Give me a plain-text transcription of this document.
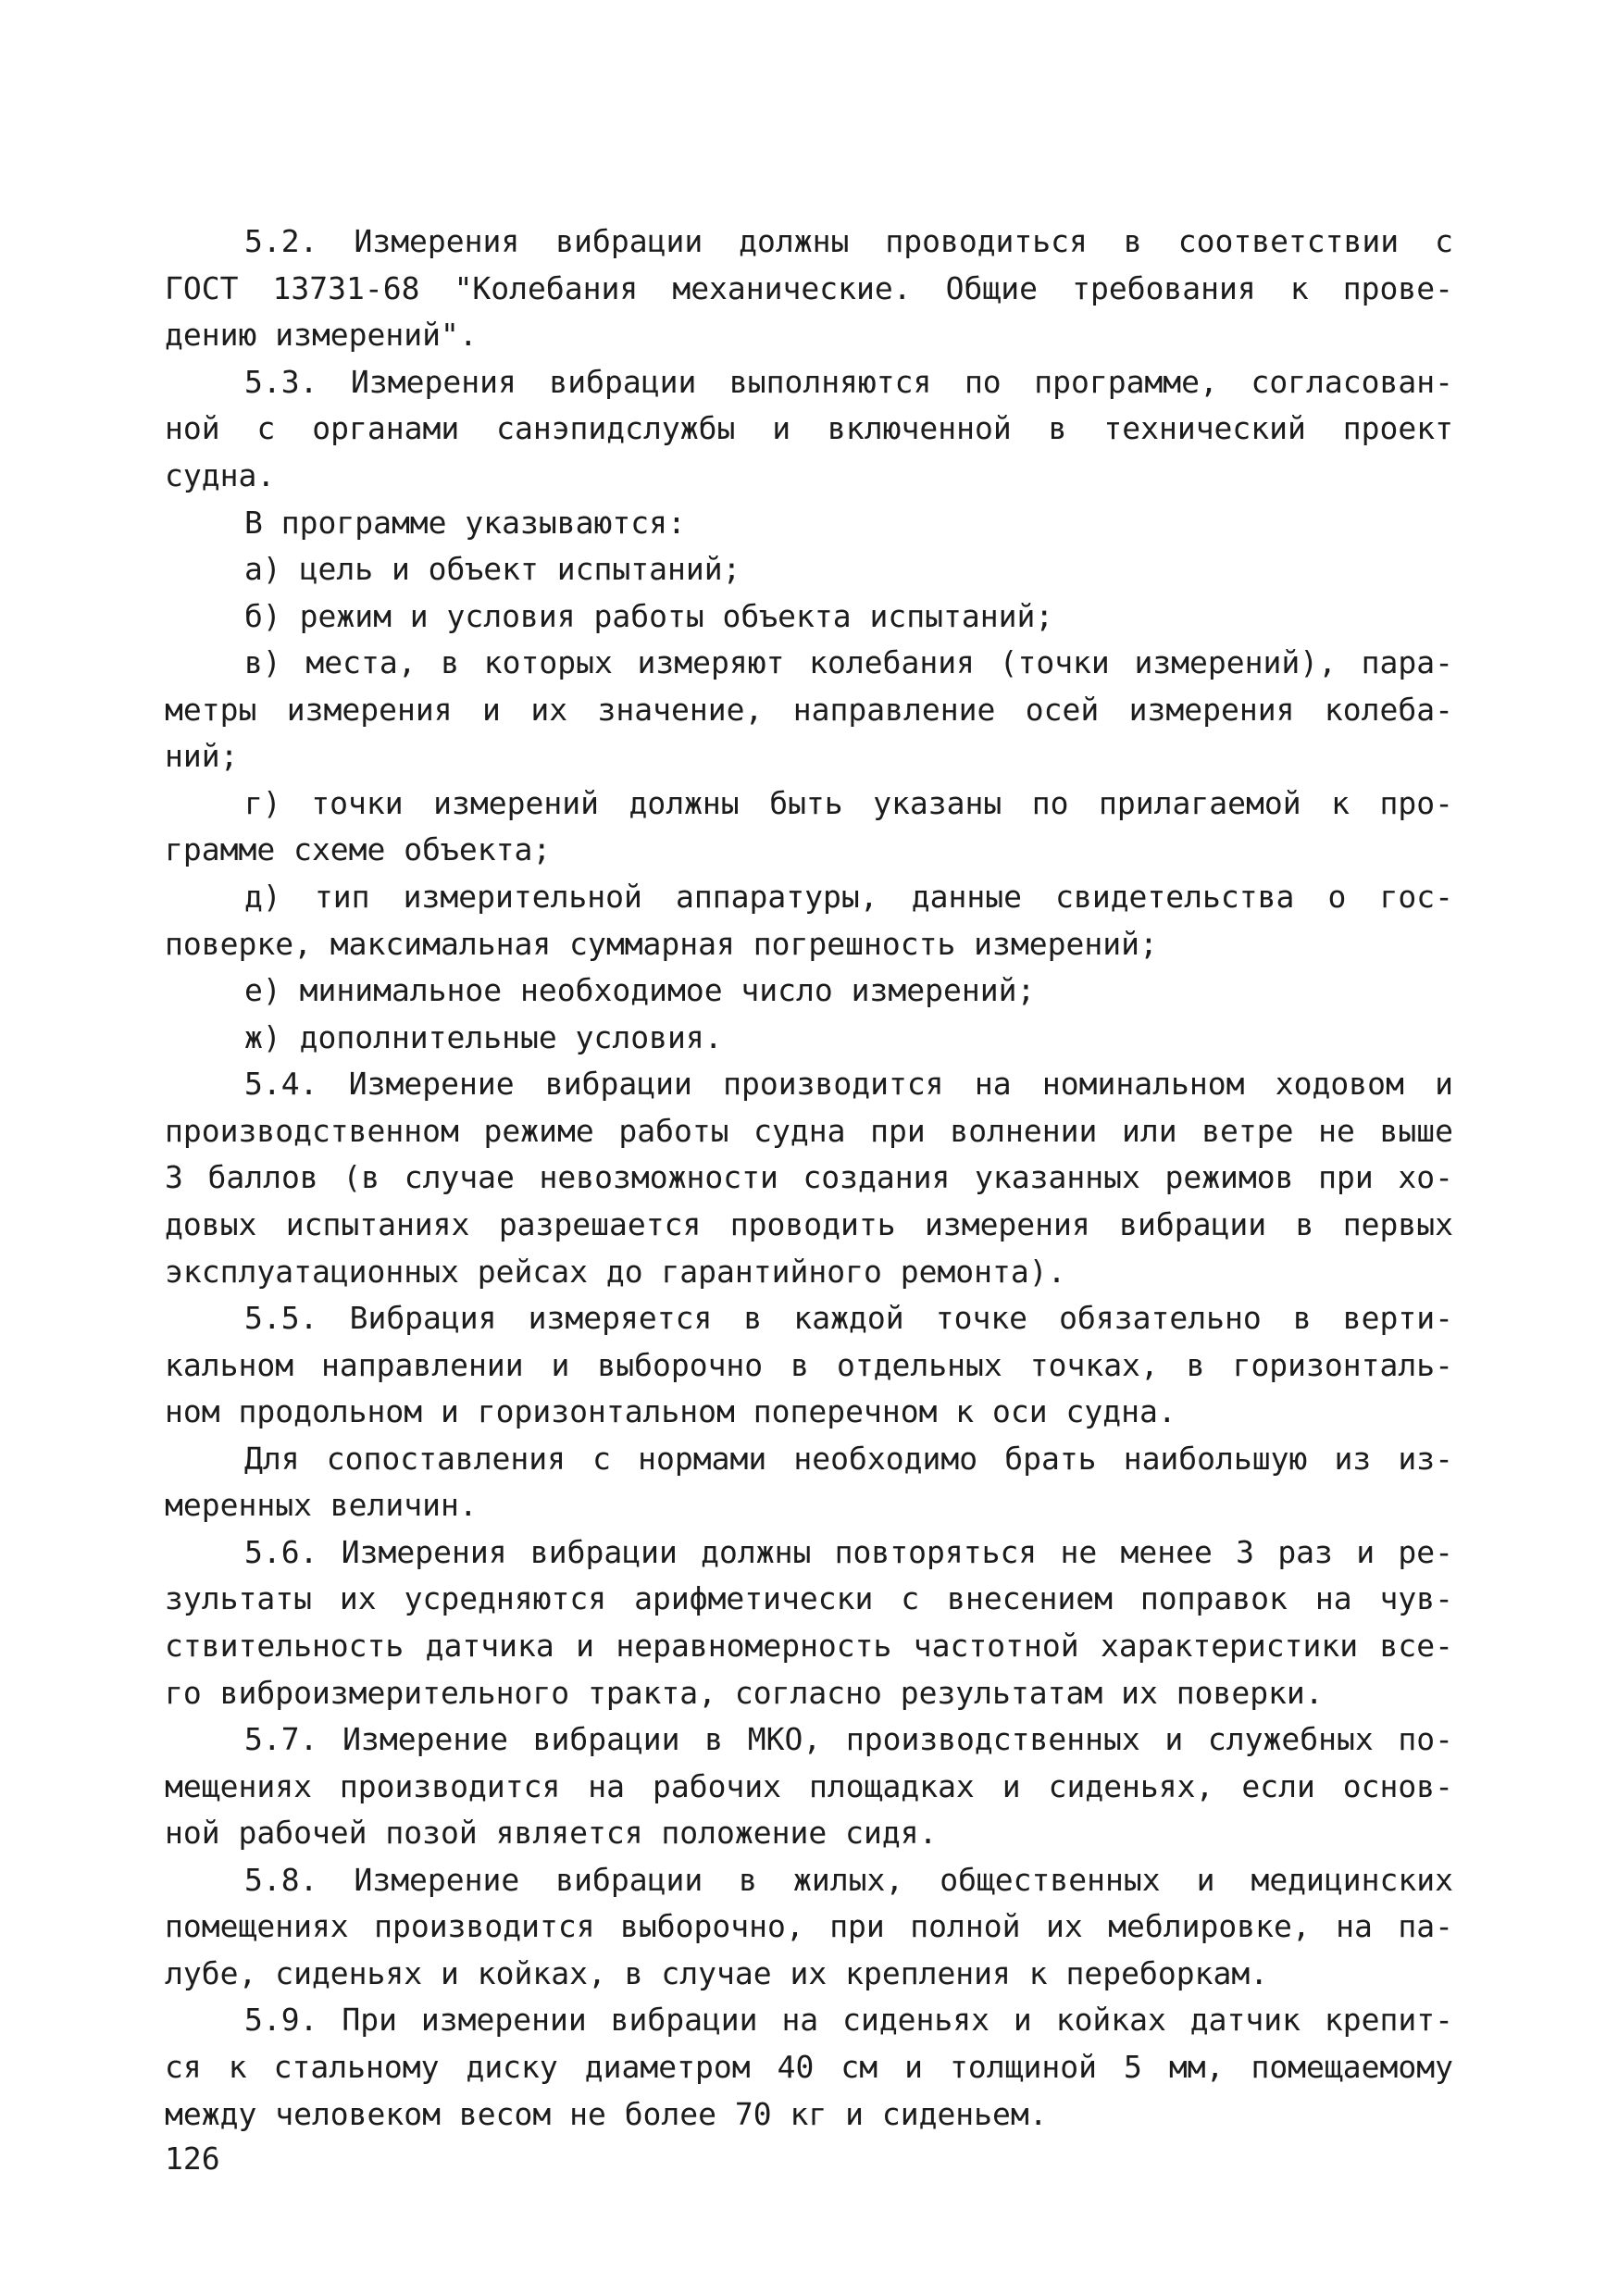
5.2. Измерения вибрации должны проводиться в соответствии с

ГОСТ 13731-68 "Колебания механические. Общие требования к прове-

дению измерений".

5.3. Измерения вибрации выполняются по программе, согласован-

ной с органами санэпидслужбы и включенной в технический проект

судна.

В программе указываются:

а) цель и объект испытаний;

б) режим и условия работы объекта испытаний;

в) места, в которых измеряют колебания (точки измерений), пара-

метры измерения и их значение, направление осей измерения колеба-

ний;

г) точки измерений должны быть указаны по прилагаемой к про-

грамме схеме объекта;

д) тип измерительной аппаратуры, данные свидетельства о гос-

поверке, максимальная суммарная погрешность измерений;

е) минимальное необходимое число измерений;

ж) дополнительные условия.

5.4. Измерение вибрации производится на номинальном ходовом и

производственном режиме работы судна при волнении или ветре не выше

3 баллов (в случае невозможности создания указанных режимов при хо-

довых испытаниях разрешается проводить измерения вибрации в первых

эксплуатационных рейсах до гарантийного ремонта).

5.5. Вибрация измеряется в каждой точке обязательно в верти-

кальном направлении и выборочно в отдельных точках, в горизонталь-

ном продольном и горизонтальном поперечном к оси судна.

Для сопоставления с нормами необходимо брать наибольшую из из-

меренных величин.

5.6. Измерения вибрации должны повторяться не менее 3 раз и ре-

зультаты их усредняются арифметически с внесением поправок на чув-

ствительность датчика и неравномерность частотной характеристики все-

го виброизмерительного тракта, согласно результатам их поверки.

5.7. Измерение вибрации в МКО, производственных и служебных по-

мещениях производится на рабочих площадках и сиденьях, если основ-

ной рабочей позой является положение сидя.

5.8. Измерение вибрации в жилых, общественных и медицинских

помещениях производится выборочно, при полной их меблировке, на па-

лубе, сиденьях и койках, в случае их крепления к переборкам.

5.9. При измерении вибрации на сиденьях и койках датчик крепит-

ся к стальному диску диаметром 40 см и толщиной 5 мм, помещаемому

между человеком весом не более 70 кг и сиденьем.

126
